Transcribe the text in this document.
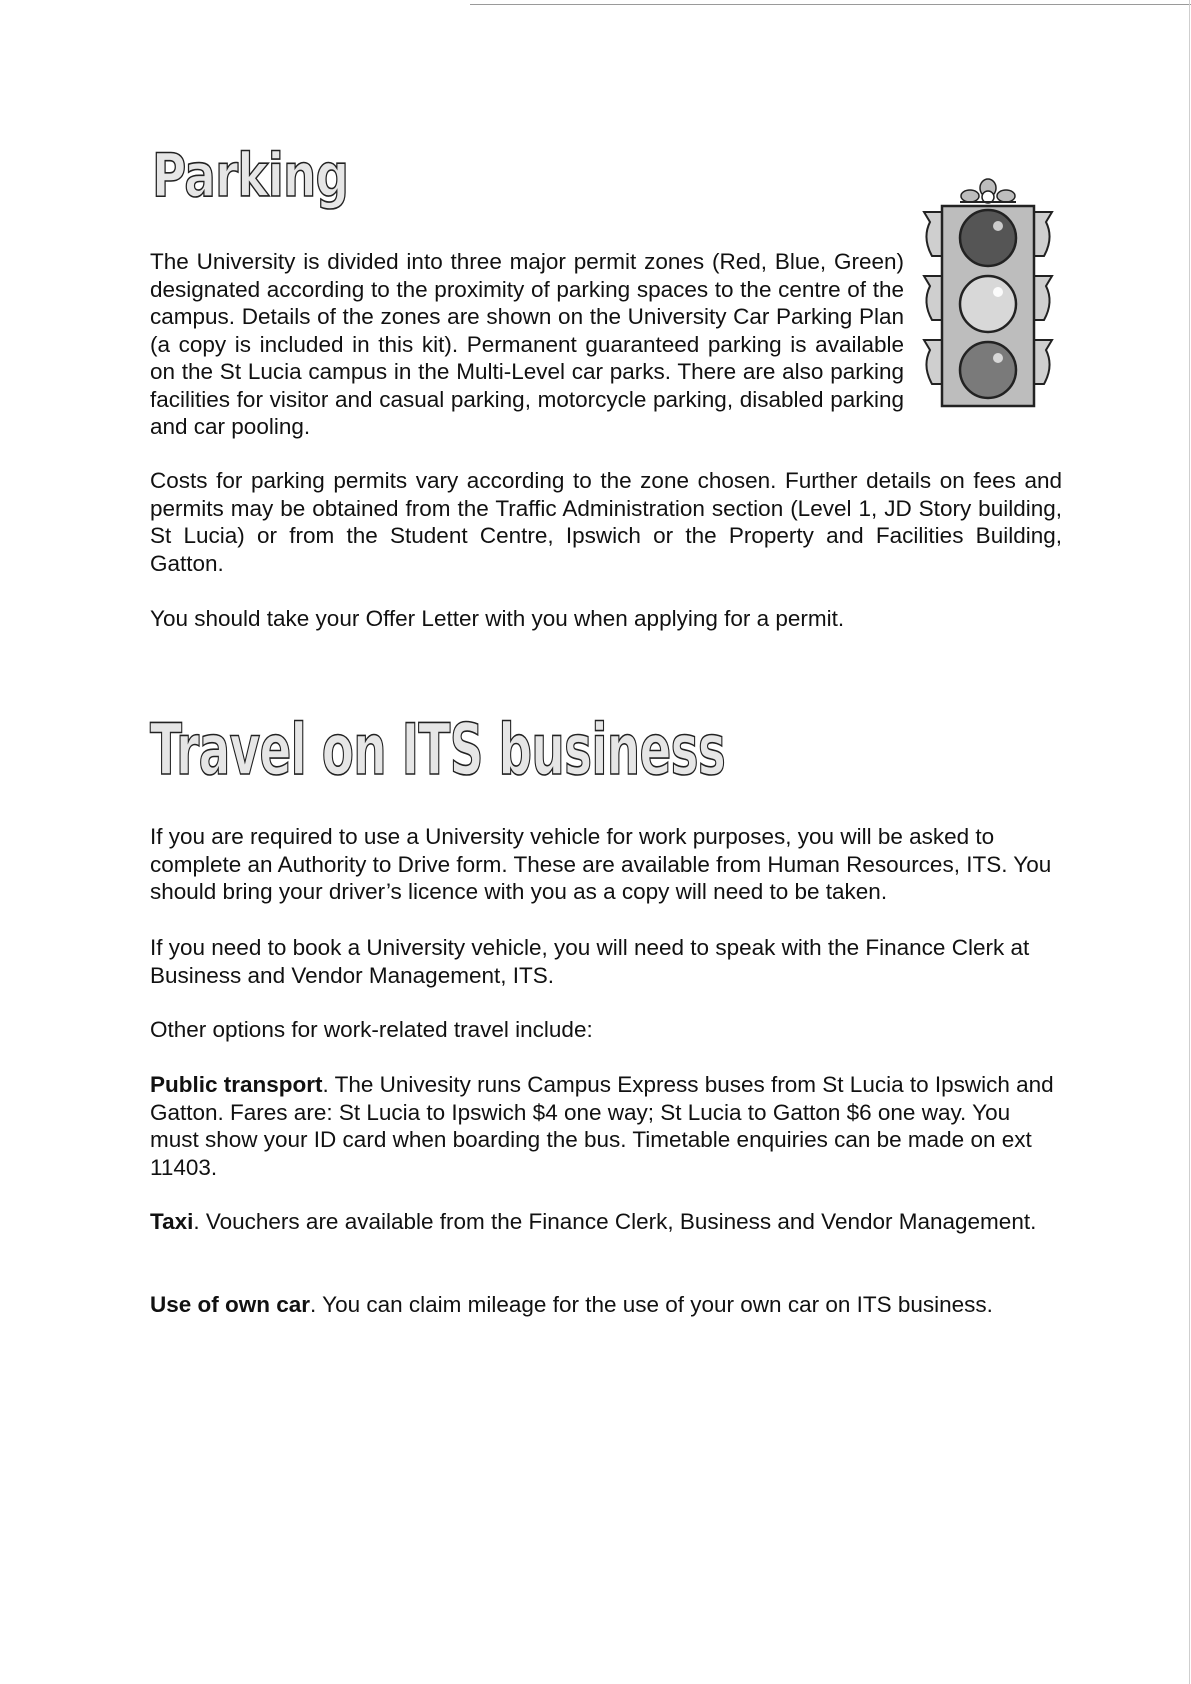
Parking

The University is divided into three major permit zones (Red, Blue, Green) designated according to the proximity of parking spaces to the centre of the campus. Details of the zones are shown on the University Car Parking Plan (a copy is included in this kit). Permanent guaranteed parking is available on the St Lucia campus in the Multi-Level car parks. There are also parking facilities for visitor and casual parking, motorcycle parking, disabled parking and car pooling.

Costs for parking permits vary according to the zone chosen. Further details on fees and permits may be obtained from the Traffic Administration section (Level 1, JD Story building, St Lucia) or from the Student Centre, Ipswich or the Property and Facilities Building, Gatton.

You should take your Offer Letter with you when applying for a permit.

Travel on ITS business

If you are required to use a University vehicle for work purposes, you will be asked to complete an Authority to Drive form. These are available from Human Resources, ITS. You should bring your driver’s licence with you as a copy will need to be taken.

If you need to book a University vehicle, you will need to speak with the Finance Clerk at Business and Vendor Management, ITS.

Other options for work-related travel include:

Public transport. The Univesity runs Campus Express buses from St Lucia to Ipswich and Gatton. Fares are: St Lucia to Ipswich $4 one way; St Lucia to Gatton $6 one way. You must show your ID card when boarding the bus. Timetable enquiries can be made on ext 11403.

Taxi. Vouchers are available from the Finance Clerk, Business and Vendor Management.

Use of own car. You can claim mileage for the use of your own car on ITS business.
